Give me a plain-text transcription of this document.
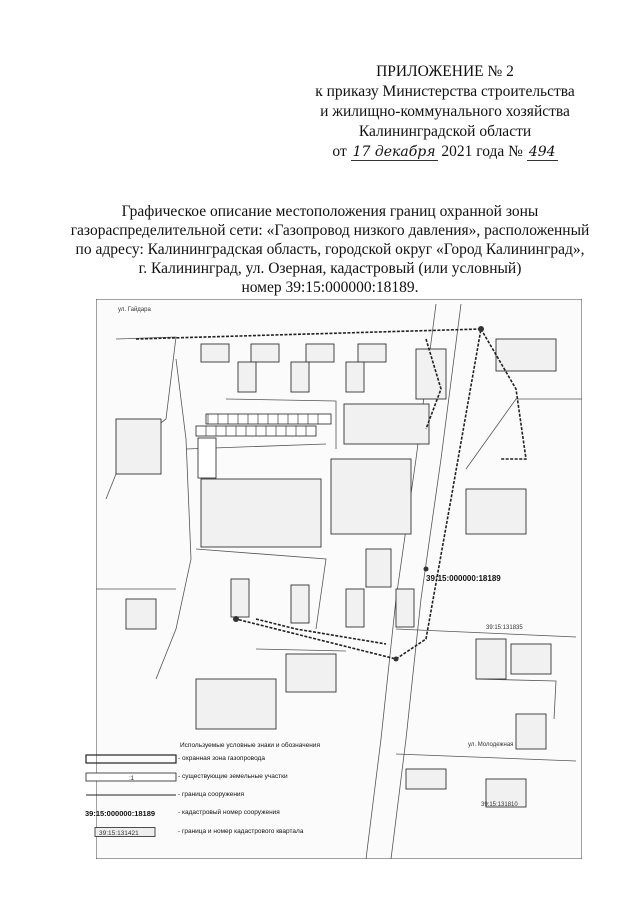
ПРИЛОЖЕНИЕ № 2
к приказу Министерства строительства
и жилищно-коммунального хозяйства
Калининградской области
от 17 декабря 2021 года № 494
Графическое описание местоположения границ охранной зоны
газораспределительной сети: «Газопровод низкого давления», расположенный
по адресу: Калининградская область, городской округ «Город Калининград»,
г. Калининград, ул. Озерная, кадастровый (или условный)
номер 39:15:000000:18189.
ул. Гайдара
39:15:000000:18189
39:15:131835
39:15:131810
ул. Молодежная
Используемые условные знаки и обозначения
- охранная зона газопровода
:1	- существующие земельные участки
- граница сооружения
39:15:000000:18189	- кадастровый номер сооружения
39:15:131421	- граница и номер кадастрового квартала
